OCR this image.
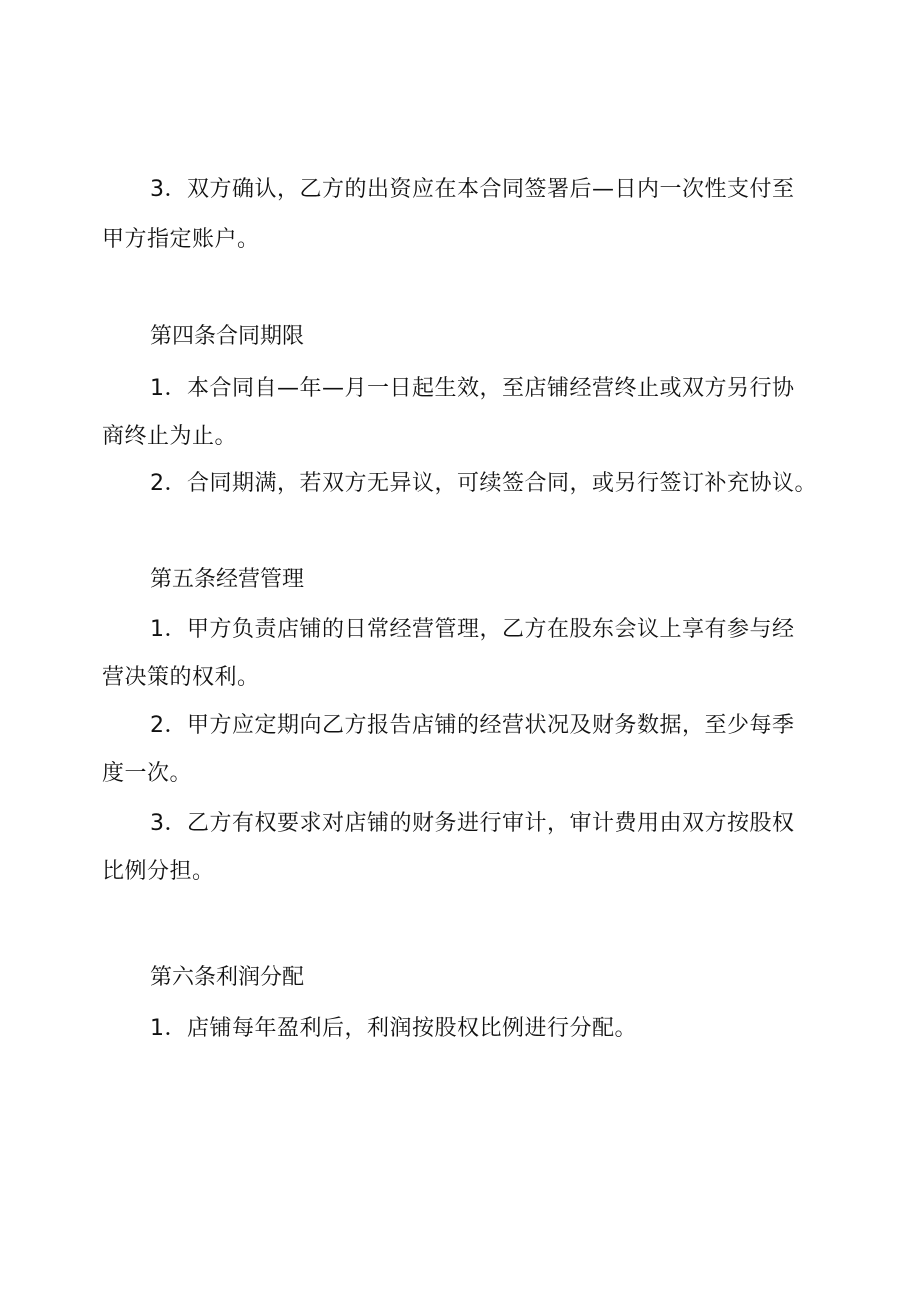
3．双方确认，乙方的出资应在本合同签署后—日内一次性支付至
甲方指定账户。
第四条合同期限
1．本合同自—年—月一日起生效，至店铺经营终止或双方另行协
商终止为止。
2．合同期满，若双方无异议，可续签合同，或另行签订补充协议。
第五条经营管理
1．甲方负责店铺的日常经营管理，乙方在股东会议上享有参与经
营决策的权利。
2．甲方应定期向乙方报告店铺的经营状况及财务数据，至少每季
度一次。
3．乙方有权要求对店铺的财务进行审计，审计费用由双方按股权
比例分担。
第六条利润分配
1．店铺每年盈利后，利润按股权比例进行分配。
